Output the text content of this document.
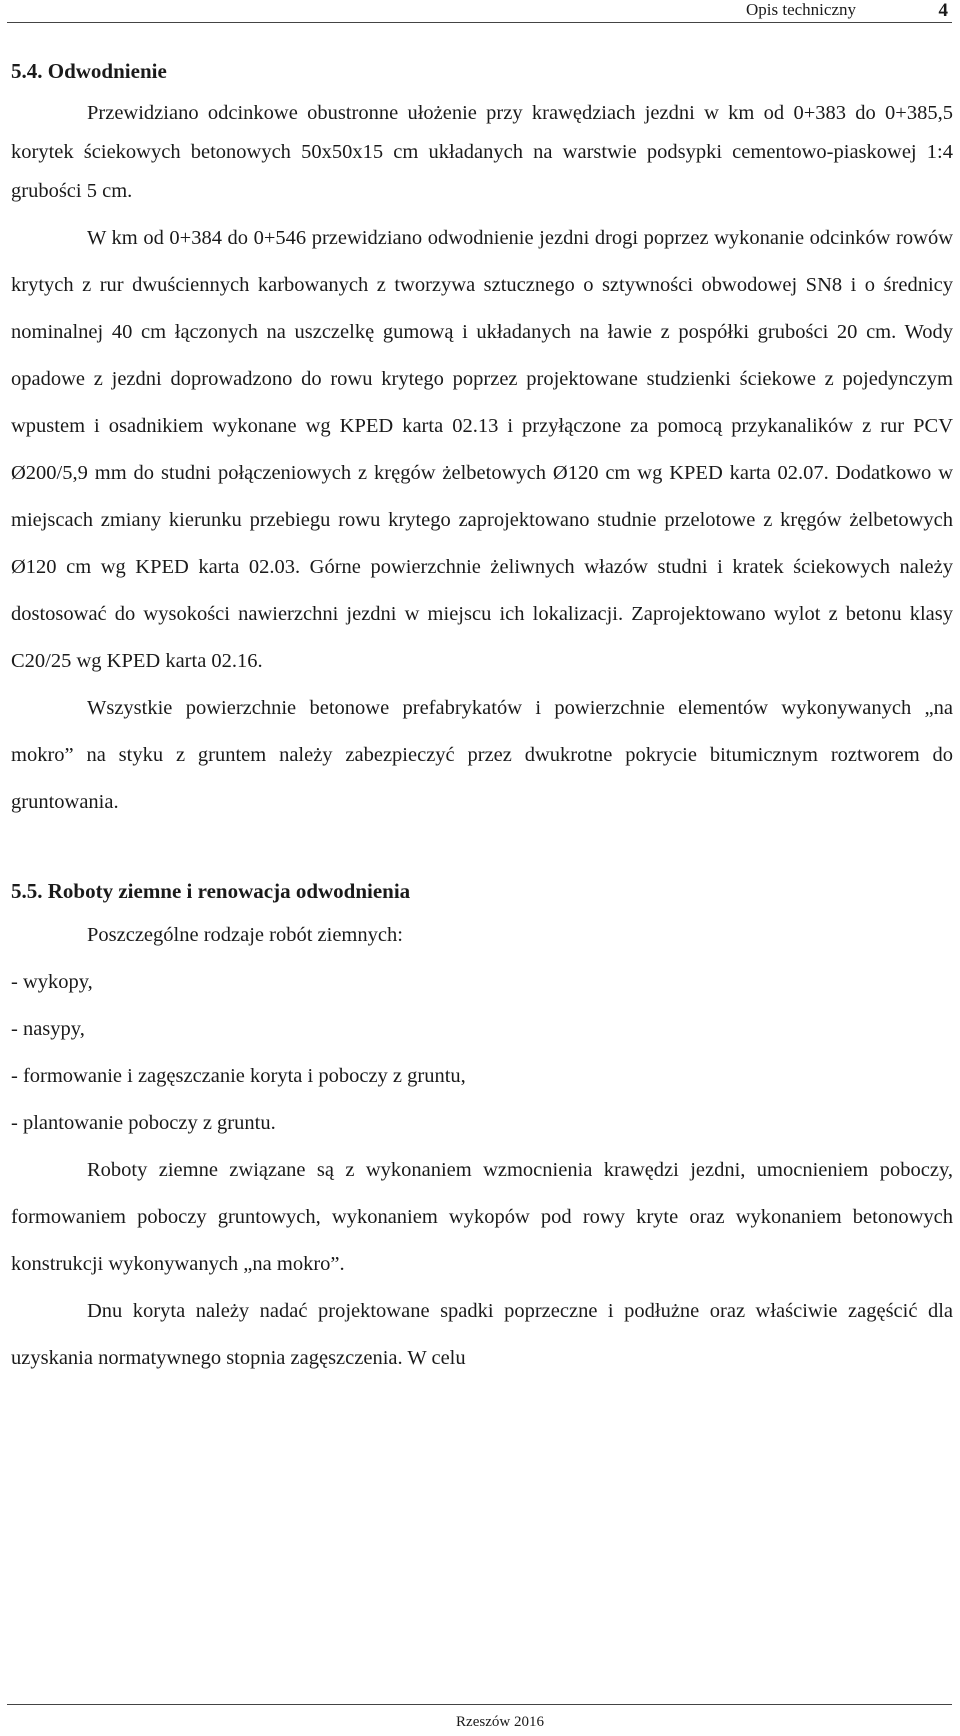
Opis techniczny	4
5.4. Odwodnienie

Przewidziano odcinkowe obustronne ułożenie przy krawędziach jezdni w km od 0+383 do 0+385,5 korytek ściekowych betonowych 50x50x15 cm układanych na warstwie podsypki cementowo-piaskowej 1:4 grubości 5 cm.

W km od 0+384 do 0+546 przewidziano odwodnienie jezdni drogi poprzez wykonanie odcinków rowów krytych z rur dwuściennych karbowanych z tworzywa sztucznego o sztywności obwodowej SN8 i o średnicy nominalnej 40 cm łączonych na uszczelkę gumową i układanych na ławie z pospółki grubości 20 cm. Wody opadowe z jezdni doprowadzono do rowu krytego poprzez projektowane studzienki ściekowe z pojedynczym wpustem i osadnikiem wykonane wg KPED karta 02.13 i przyłączone za pomocą przykanalików z rur PCV Ø200/5,9 mm do studni połączeniowych z kręgów żelbetowych Ø120 cm wg KPED karta 02.07. Dodatkowo w miejscach zmiany kierunku przebiegu rowu krytego zaprojektowano studnie przelotowe z kręgów żelbetowych Ø120 cm wg KPED karta 02.03. Górne powierzchnie żeliwnych włazów studni i kratek ściekowych należy dostosować do wysokości nawierzchni jezdni w miejscu ich lokalizacji. Zaprojektowano wylot z betonu klasy C20/25 wg KPED karta 02.16.

Wszystkie powierzchnie betonowe prefabrykatów i powierzchnie elementów wykonywanych „na mokro” na styku z gruntem należy zabezpieczyć przez dwukrotne pokrycie bitumicznym roztworem do gruntowania.

5.5. Roboty ziemne i renowacja odwodnienia

Poszczególne rodzaje robót ziemnych:

- wykopy,

- nasypy,

- formowanie i zagęszczanie koryta i poboczy z gruntu,

- plantowanie poboczy z gruntu.

Roboty ziemne związane są z wykonaniem wzmocnienia krawędzi jezdni, umocnieniem poboczy, formowaniem poboczy gruntowych, wykonaniem wykopów pod rowy kryte oraz wykonaniem betonowych konstrukcji wykonywanych „na mokro”.

Dnu koryta należy nadać projektowane spadki poprzeczne i podłużne oraz właściwie zagęścić dla uzyskania normatywnego stopnia zagęszczenia. W celu

Rzeszów 2016
